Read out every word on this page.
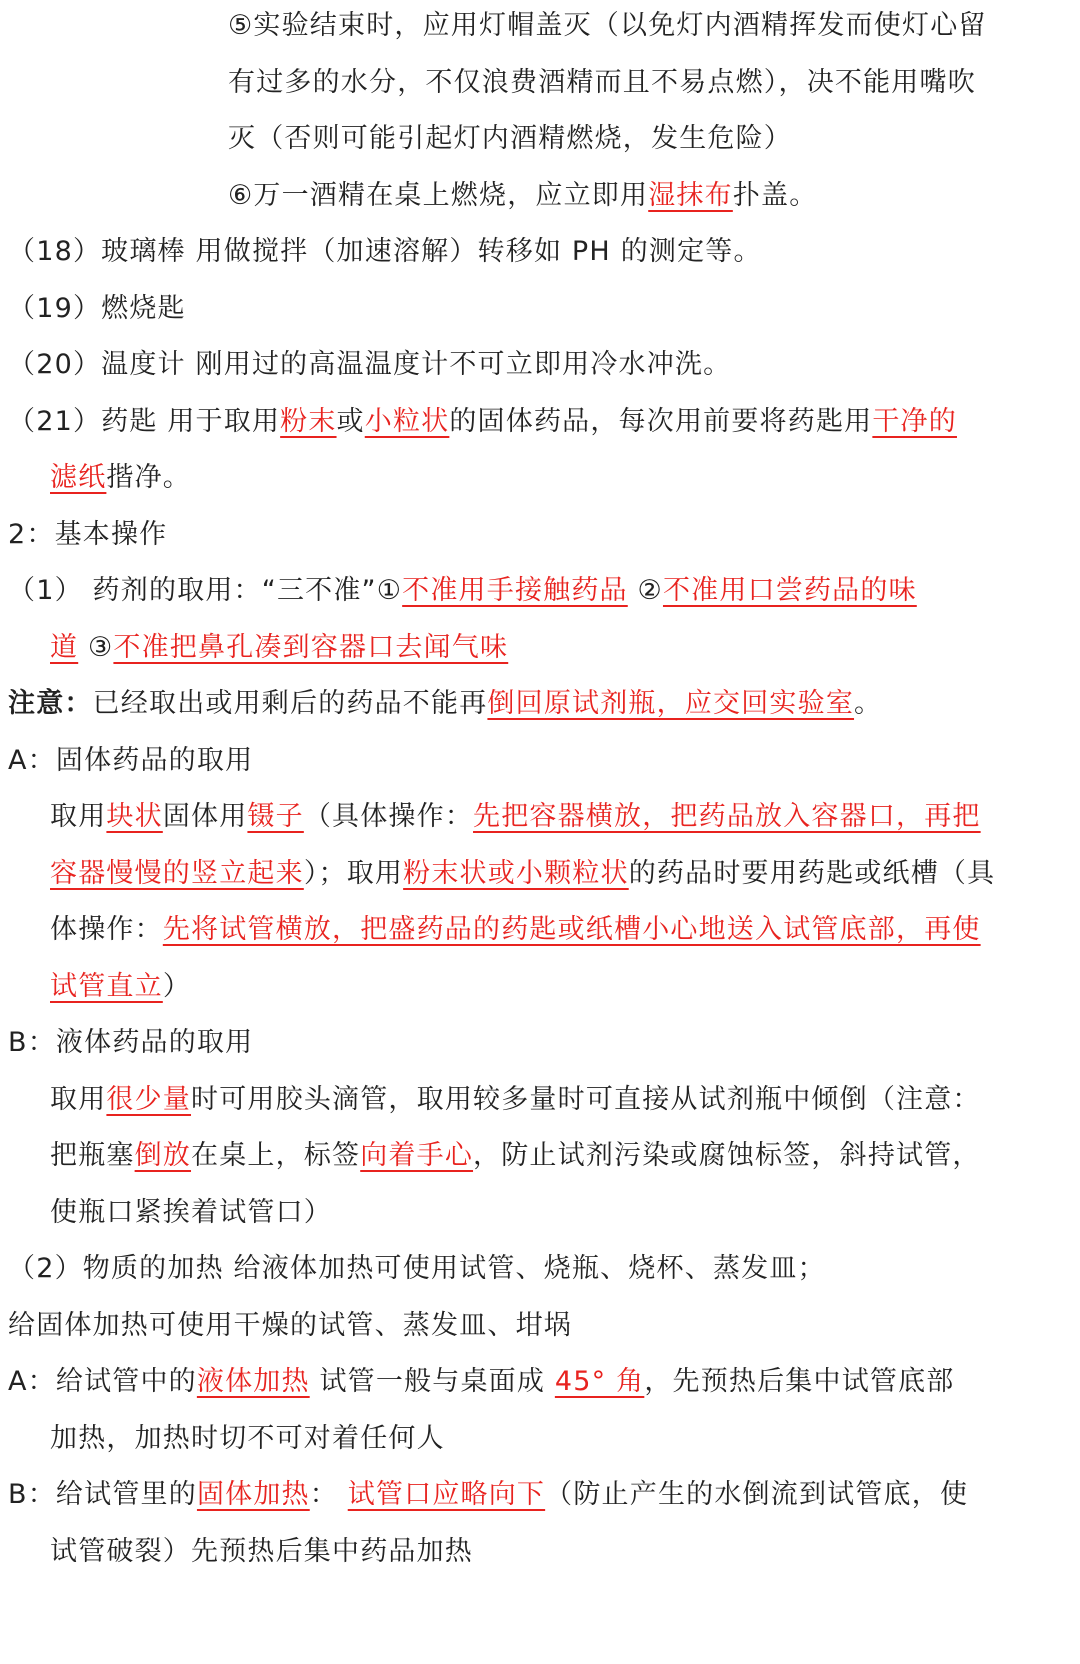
⑤实验结束时，应用灯帽盖灭（以免灯内酒精挥发而使灯心留
有过多的水分，不仅浪费酒精而且不易点燃），决不能用嘴吹
灭（否则可能引起灯内酒精燃烧，发生危险）
⑥万一酒精在桌上燃烧，应立即用湿抹布扑盖。
（18）玻璃棒 用做搅拌（加速溶解）转移如 PH 的测定等。
（19）燃烧匙
（20）温度计 刚用过的高温温度计不可立即用冷水冲洗。
（21）药匙 用于取用粉末或小粒状的固体药品，每次用前要将药匙用干净的
滤纸揩净。
2：基本操作
（1） 药剂的取用：“三不准”①不准用手接触药品 ②不准用口尝药品的味
道 ③不准把鼻孔凑到容器口去闻气味
注意：已经取出或用剩后的药品不能再倒回原试剂瓶，应交回实验室。
A：固体药品的取用
取用块状固体用镊子（具体操作：先把容器横放，把药品放入容器口，再把
容器慢慢的竖立起来）；取用粉末状或小颗粒状的药品时要用药匙或纸槽（具
体操作：先将试管横放，把盛药品的药匙或纸槽小心地送入试管底部，再使
试管直立）
B：液体药品的取用
取用很少量时可用胶头滴管，取用较多量时可直接从试剂瓶中倾倒（注意：
把瓶塞倒放在桌上，标签向着手心，防止试剂污染或腐蚀标签，斜持试管，
使瓶口紧挨着试管口）
（2）物质的加热 给液体加热可使用试管、烧瓶、烧杯、蒸发皿；
给固体加热可使用干燥的试管、蒸发皿、坩埚
A：给试管中的液体加热 试管一般与桌面成 45° 角，先预热后集中试管底部
加热，加热时切不可对着任何人
B：给试管里的固体加热： 试管口应略向下（防止产生的水倒流到试管底，使
试管破裂）先预热后集中药品加热
